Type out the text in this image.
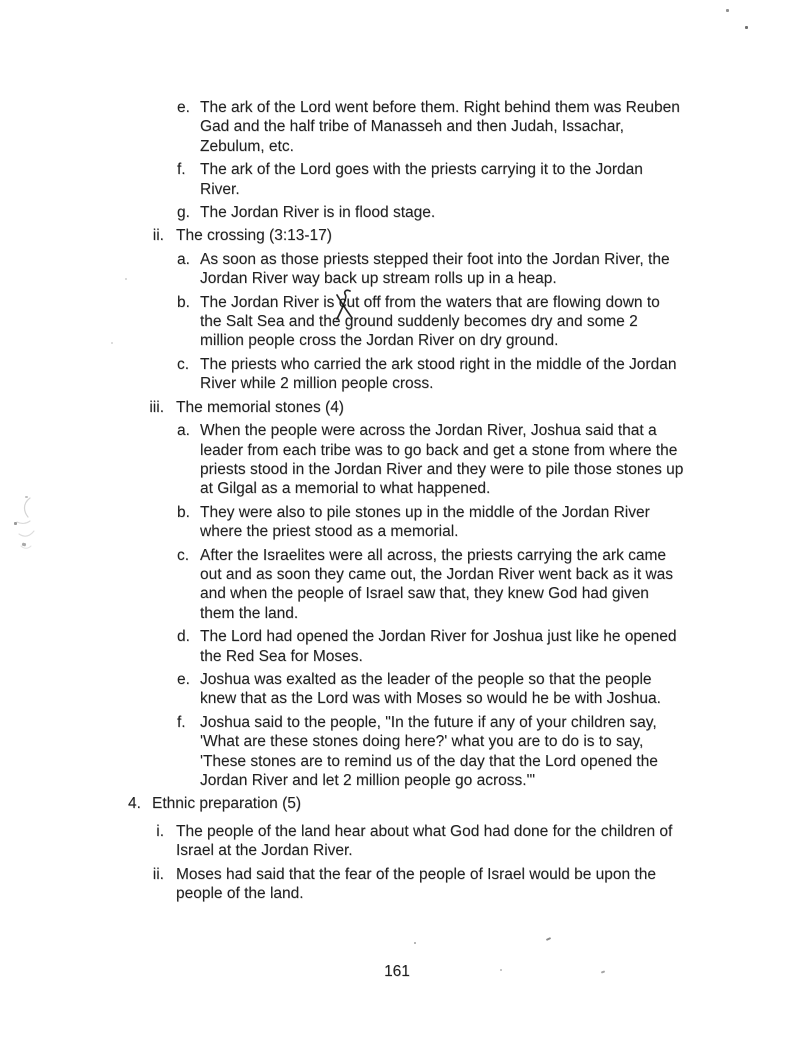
e. The ark of the Lord went before them. Right behind them was Reuben
Gad and the half tribe of Manasseh and then Judah, Issachar,
Zebulum, etc.
f. The ark of the Lord goes with the priests carrying it to the Jordan
River.
g. The Jordan River is in flood stage.
ii. The crossing (3:13-17)
a. As soon as those priests stepped their foot into the Jordan River, the
Jordan River way back up stream rolls up in a heap.
b. The Jordan River is cut off from the waters that are flowing down to
the Salt Sea and the ground suddenly becomes dry and some 2
million people cross the Jordan River on dry ground.
c. The priests who carried the ark stood right in the middle of the Jordan
River while 2 million people cross.
iii. The memorial stones (4)
a. When the people were across the Jordan River, Joshua said that a
leader from each tribe was to go back and get a stone from where the
priests stood in the Jordan River and they were to pile those stones up
at Gilgal as a memorial to what happened.
b. They were also to pile stones up in the middle of the Jordan River
where the priest stood as a memorial.
c. After the Israelites were all across, the priests carrying the ark came
out and as soon they came out, the Jordan River went back as it was
and when the people of Israel saw that, they knew God had given
them the land.
d. The Lord had opened the Jordan River for Joshua just like he opened
the Red Sea for Moses.
e. Joshua was exalted as the leader of the people so that the people
knew that as the Lord was with Moses so would he be with Joshua.
f. Joshua said to the people, "In the future if any of your children say,
'What are these stones doing here?' what you are to do is to say,
'These stones are to remind us of the day that the Lord opened the
Jordan River and let 2 million people go across.'"
4. Ethnic preparation (5)
i. The people of the land hear about what God had done for the children of
Israel at the Jordan River.
ii. Moses had said that the fear of the people of Israel would be upon the
people of the land.
161
